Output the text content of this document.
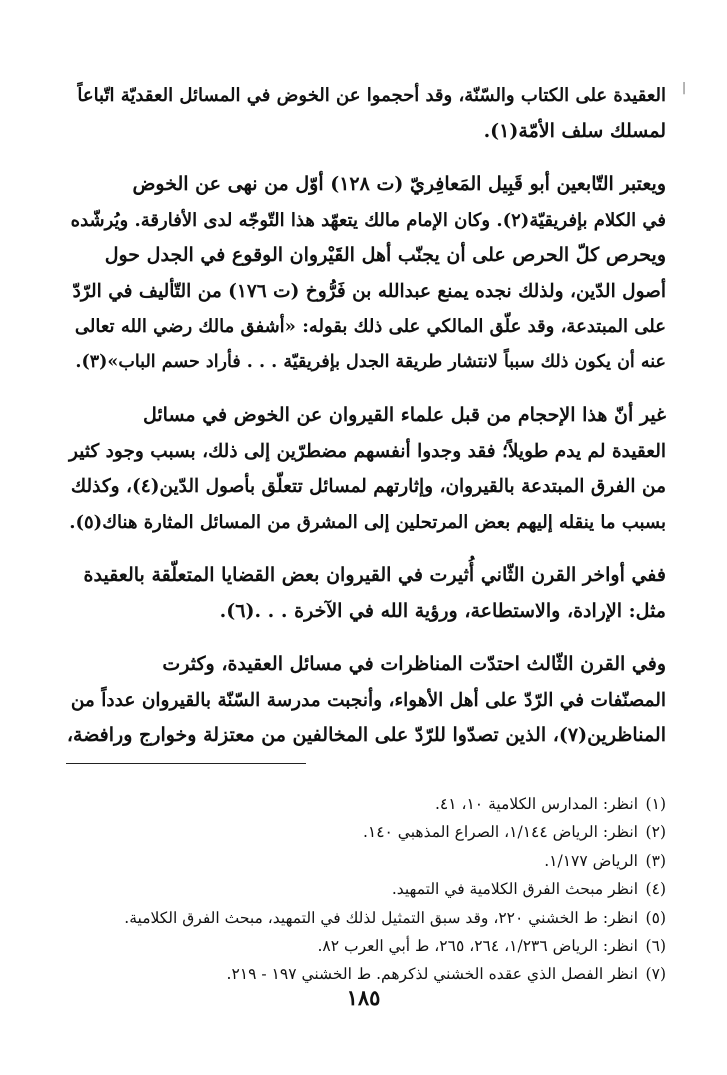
العقيدة على الكتاب والسّنّة، وقد أحجموا عن الخوض في المسائل العقديّة اتّباعاً
لمسلك سلف الأمّة(١).
ويعتبر التّابعين أبو قَبِيل المَعافِريّ (ت ١٢٨) أوّل من نهى عن الخوض
في الكلام بإفريقيّة(٢). وكان الإمام مالك يتعهّد هذا التّوجّه لدى الأفارقة. ويُرشّده
ويحرص كلّ الحرص على أن يجنّب أهل القَيْروان الوقوع في الجدل حول
أصول الدّين، ولذلك نجده يمنع عبدالله بن فَرُّوخ (ت ١٧٦) من التّأليف في الرّدّ
على المبتدعة، وقد علّق المالكي على ذلك بقوله: «أشفق مالك رضي الله تعالى
عنه أن يكون ذلك سبباً لانتشار طريقة الجدل بإفريقيّة . . . فأراد حسم الباب»(٣).
غير أنّ هذا الإحجام من قبل علماء القيروان عن الخوض في مسائل
العقيدة لم يدم طويلاً؛ فقد وجدوا أنفسهم مضطرّين إلى ذلك، بسبب وجود كثير
من الفرق المبتدعة بالقيروان، وإثارتهم لمسائل تتعلّق بأصول الدّين(٤)، وكذلك
بسبب ما ينقله إليهم بعض المرتحلين إلى المشرق من المسائل المثارة هناك(٥).
ففي أواخر القرن الثّاني أُثيرت في القيروان بعض القضايا المتعلّقة بالعقيدة
مثل: الإرادة، والاستطاعة، ورؤية الله في الآخرة . . .(٦).
وفي القرن الثّالث احتدّت المناظرات في مسائل العقيدة، وكثرت
المصنّفات في الرّدّ على أهل الأهواء، وأنجبت مدرسة السّنّة بالقيروان عدداً من
المناظرين(٧)، الذين تصدّوا للرّدّ على المخالفين من معتزلة وخوارج ورافضة،
(١)
انظر: المدارس الكلامية ١٠، ٤١.
(٢)
انظر: الرياض ١/١٤٤، الصراع المذهبي ١٤٠.
(٣)
الرياض ١/١٧٧.
(٤)
انظر مبحث الفرق الكلامية في التمهيد.
(٥)
انظر: ط الخشني ٢٢٠، وقد سبق التمثيل لذلك في التمهيد، مبحث الفرق الكلامية.
(٦)
انظر: الرياض ١/٢٣٦، ٢٦٤، ٢٦٥، ط أبي العرب ٨٢.
(٧)
انظر الفصل الذي عقده الخشني لذكرهم. ط الخشني ١٩٧ - ٢١٩.
١٨٥
|
